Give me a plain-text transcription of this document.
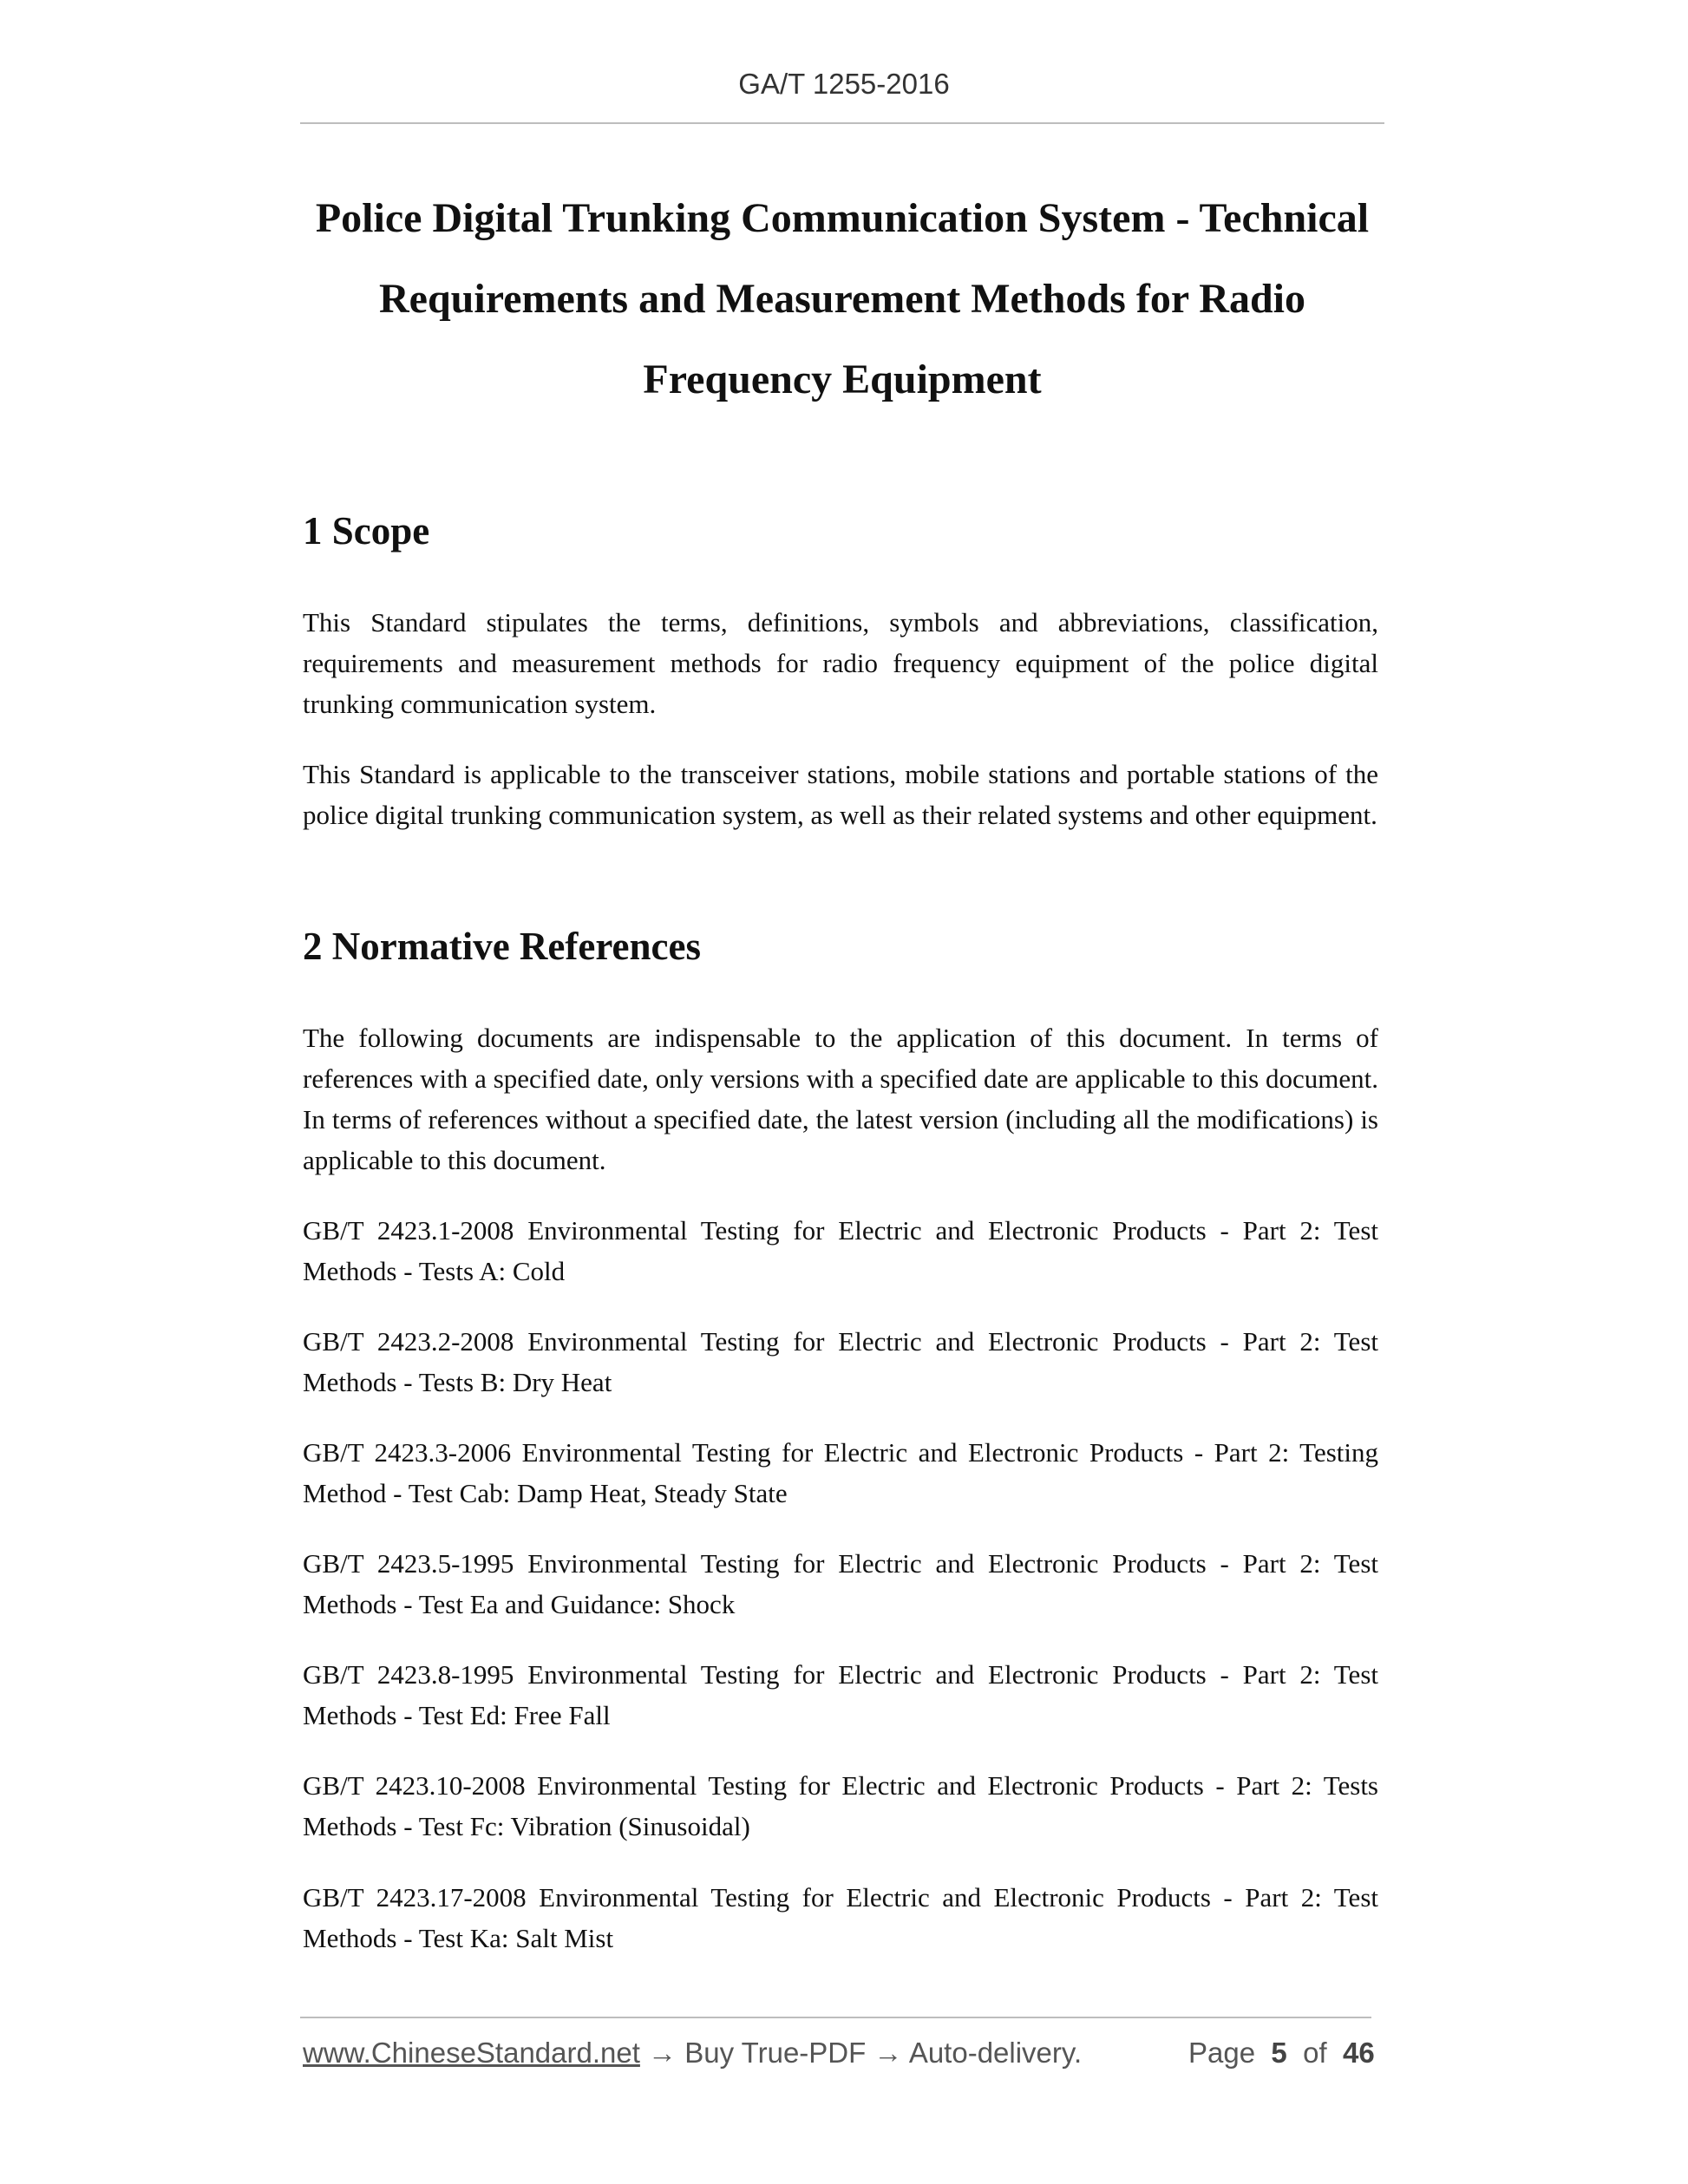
GA/T 1255-2016
Police Digital Trunking Communication System - Technical
Requirements and Measurement Methods for Radio
Frequency Equipment
1 Scope

This Standard stipulates the terms, definitions, symbols and abbreviations, classification, requirements and measurement methods for radio frequency equipment of the police digital trunking communication system.

This Standard is applicable to the transceiver stations, mobile stations and portable stations of the police digital trunking communication system, as well as their related systems and other equipment.

2 Normative References

The following documents are indispensable to the application of this document. In terms of references with a specified date, only versions with a specified date are applicable to this document. In terms of references without a specified date, the latest version (including all the modifications) is applicable to this document.

GB/T 2423.1-2008 Environmental Testing for Electric and Electronic Products - Part 2: Test Methods - Tests A: Cold

GB/T 2423.2-2008 Environmental Testing for Electric and Electronic Products - Part 2: Test Methods - Tests B: Dry Heat

GB/T 2423.3-2006 Environmental Testing for Electric and Electronic Products - Part 2: Testing Method - Test Cab: Damp Heat, Steady State

GB/T 2423.5-1995 Environmental Testing for Electric and Electronic Products - Part 2: Test Methods - Test Ea and Guidance: Shock

GB/T 2423.8-1995 Environmental Testing for Electric and Electronic Products - Part 2: Test Methods - Test Ed: Free Fall

GB/T 2423.10-2008 Environmental Testing for Electric and Electronic Products - Part 2: Tests Methods - Test Fc: Vibration (Sinusoidal)

GB/T 2423.17-2008 Environmental Testing for Electric and Electronic Products - Part 2: Test Methods - Test Ka: Salt Mist

www.ChineseStandard.net → Buy True-PDF → Auto-delivery.	Page 5 of 46
